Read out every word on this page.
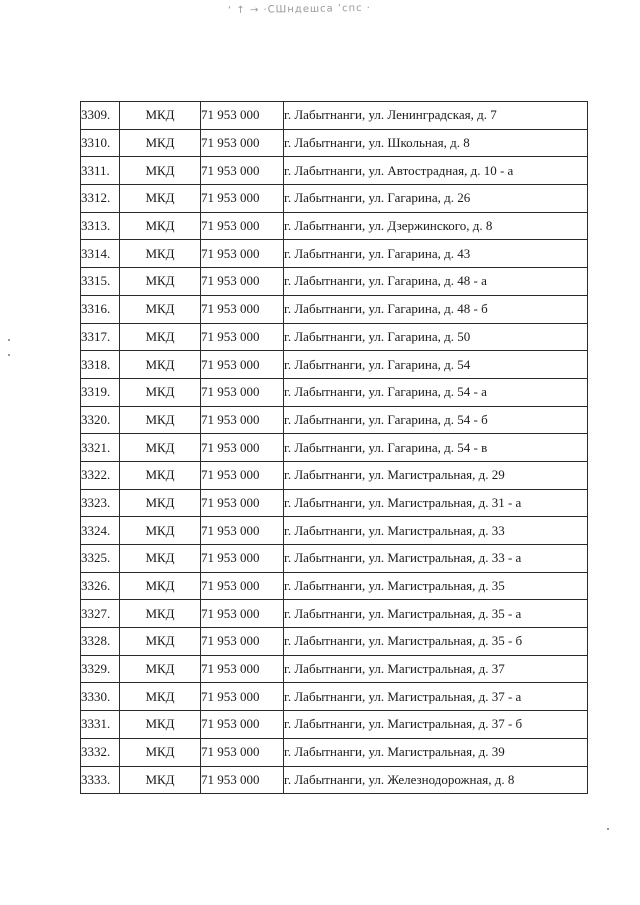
‘ ↑ → ·СШндешса ’спс ·
3309.	МКД	71 953 000	г. Лабытнанги, ул. Ленинградская, д. 7
3310.	МКД	71 953 000	г. Лабытнанги, ул. Школьная, д. 8
3311.	МКД	71 953 000	г. Лабытнанги, ул. Автострадная, д. 10 - а
3312.	МКД	71 953 000	г. Лабытнанги, ул. Гагарина, д. 26
3313.	МКД	71 953 000	г. Лабытнанги, ул. Дзержинского, д. 8
3314.	МКД	71 953 000	г. Лабытнанги, ул. Гагарина, д. 43
3315.	МКД	71 953 000	г. Лабытнанги, ул. Гагарина, д. 48 - а
3316.	МКД	71 953 000	г. Лабытнанги, ул. Гагарина, д. 48 - б
3317.	МКД	71 953 000	г. Лабытнанги, ул. Гагарина, д. 50
3318.	МКД	71 953 000	г. Лабытнанги, ул. Гагарина, д. 54
3319.	МКД	71 953 000	г. Лабытнанги, ул. Гагарина, д. 54 - а
3320.	МКД	71 953 000	г. Лабытнанги, ул. Гагарина, д. 54 - б
3321.	МКД	71 953 000	г. Лабытнанги, ул. Гагарина, д. 54 - в
3322.	МКД	71 953 000	г. Лабытнанги, ул. Магистральная, д. 29
3323.	МКД	71 953 000	г. Лабытнанги, ул. Магистральная, д. 31 - а
3324.	МКД	71 953 000	г. Лабытнанги, ул. Магистральная, д. 33
3325.	МКД	71 953 000	г. Лабытнанги, ул. Магистральная, д. 33 - а
3326.	МКД	71 953 000	г. Лабытнанги, ул. Магистральная, д. 35
3327.	МКД	71 953 000	г. Лабытнанги, ул. Магистральная, д. 35 - а
3328.	МКД	71 953 000	г. Лабытнанги, ул. Магистральная, д. 35 - б
3329.	МКД	71 953 000	г. Лабытнанги, ул. Магистральная, д. 37
3330.	МКД	71 953 000	г. Лабытнанги, ул. Магистральная, д. 37 - а
3331.	МКД	71 953 000	г. Лабытнанги, ул. Магистральная, д. 37 - б
3332.	МКД	71 953 000	г. Лабытнанги, ул. Магистральная, д. 39
3333.	МКД	71 953 000	г. Лабытнанги, ул. Железнодорожная, д. 8
